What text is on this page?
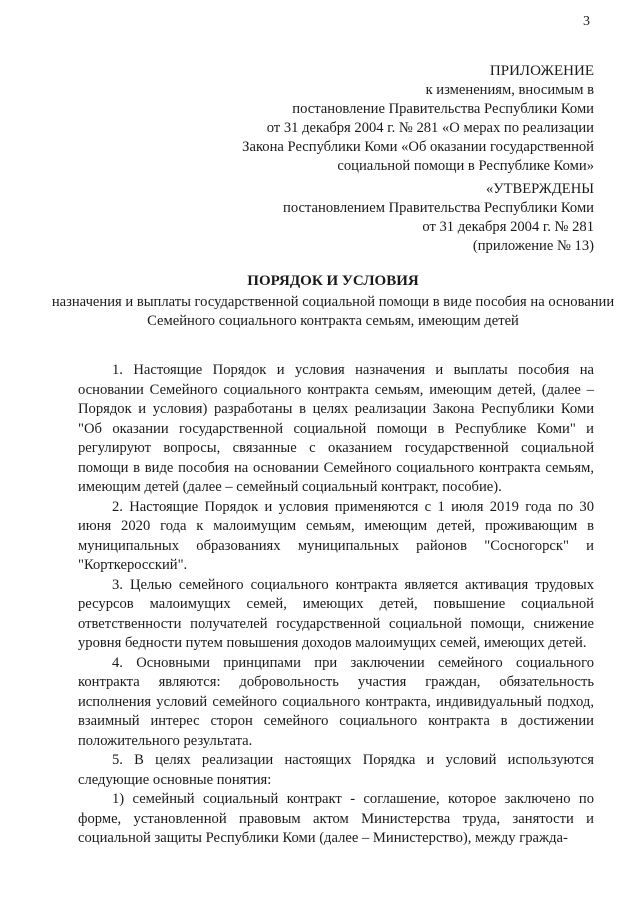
3
ПРИЛОЖЕНИЕ
к изменениям, вносимым в
постановление Правительства Республики Коми
от 31 декабря 2004 г. № 281 «О мерах по реализации
Закона Республики Коми «Об оказании государственной
социальной помощи в Республике Коми»
«УТВЕРЖДЕНЫ
постановлением Правительства Республики Коми
от 31 декабря 2004 г. № 281
(приложение № 13)
ПОРЯДОК И УСЛОВИЯ
назначения и выплаты государственной социальной помощи в виде пособия на основании Семейного социального контракта семьям, имеющим детей

1. Настоящие Порядок и условия назначения и выплаты пособия на основании Семейного социального контракта семьям, имеющим детей, (далее – Порядок и условия) разработаны в целях реализации Закона Республики Коми "Об оказании государственной социальной помощи в Республике Коми" и регулируют вопросы, связанные с оказанием государственной социальной помощи в виде пособия на основании Семейного социального контракта семьям, имеющим детей (далее – семейный социальный контракт, пособие).

2. Настоящие Порядок и условия применяются с 1 июля 2019 года по 30 июня 2020 года к малоимущим семьям, имеющим детей, проживающим в муниципальных образованиях муниципальных районов "Сосногорск" и "Корткеросский".

3. Целью семейного социального контракта является активация трудовых ресурсов малоимущих семей, имеющих детей, повышение социальной ответственности получателей государственной социальной помощи, снижение уровня бедности путем повышения доходов малоимущих семей, имеющих детей.

4. Основными принципами при заключении семейного социального контракта являются: добровольность участия граждан, обязательность исполнения условий семейного социального контракта, индивидуальный подход, взаимный интерес сторон семейного социального контракта в достижении положительного результата.

5. В целях реализации настоящих Порядка и условий используются следующие основные понятия:

1) семейный социальный контракт - соглашение, которое заключено по форме, установленной правовым актом Министерства труда, занятости и социальной защиты Республики Коми (далее – Министерство), между гражда-
